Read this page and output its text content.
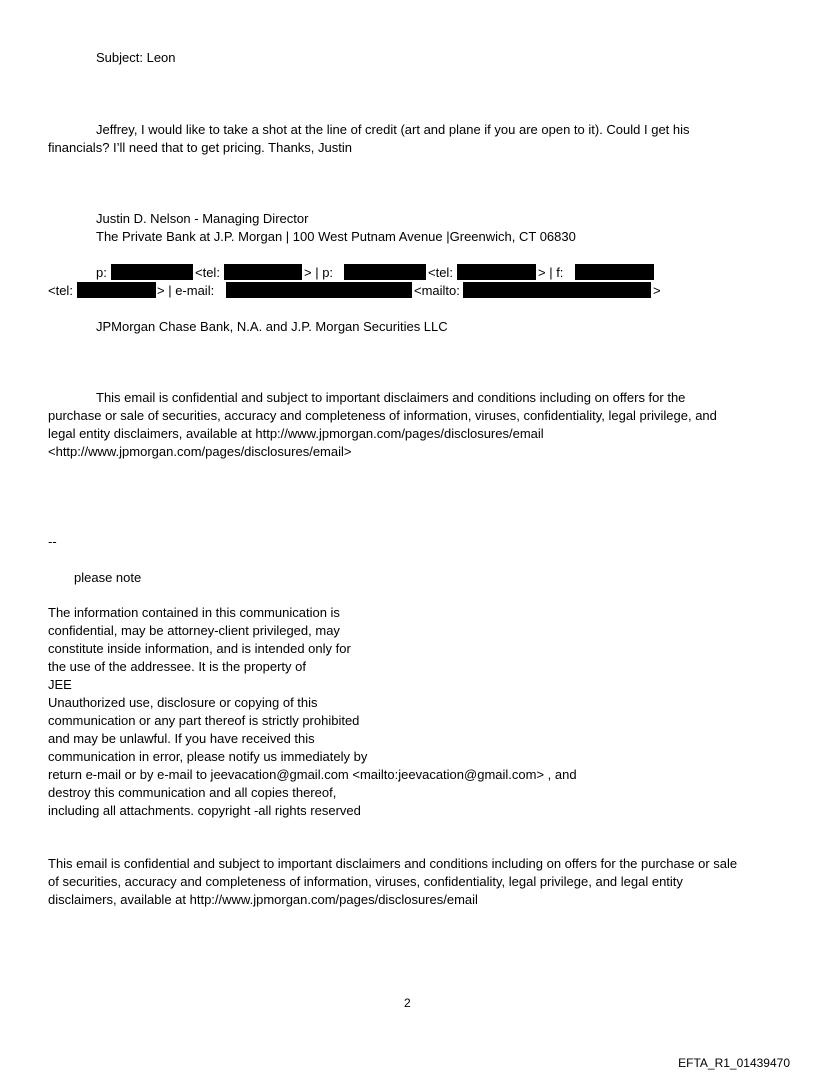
Subject: Leon
Jeffrey, I would like to take a shot at the line of credit (art and plane if you are open to it). Could I get his
financials? I’ll need that to get pricing. Thanks, Justin
Justin D. Nelson - Managing Director
The Private Bank at J.P. Morgan | 100 West Putnam Avenue |Greenwich, CT 06830
p:	<tel:	> | p:	<tel:	> | f:
<tel:	> | e-mail:	<mailto:	>
JPMorgan Chase Bank, N.A. and J.P. Morgan Securities LLC
This email is confidential and subject to important disclaimers and conditions including on offers for the
purchase or sale of securities, accuracy and completeness of information, viruses, confidentiality, legal privilege, and
legal entity disclaimers, available at http://www.jpmorgan.com/pages/disclosures/email
<http://www.jpmorgan.com/pages/disclosures/email>
--
please note
The information contained in this communication is
confidential, may be attorney-client privileged, may
constitute inside information, and is intended only for
the use of the addressee. It is the property of
JEE
Unauthorized use, disclosure or copying of this
communication or any part thereof is strictly prohibited
and may be unlawful. If you have received this
communication in error, please notify us immediately by
return e-mail or by e-mail to jeevacation@gmail.com <mailto:jeevacation@gmail.com> , and
destroy this communication and all copies thereof,
including all attachments. copyright -all rights reserved
This email is confidential and subject to important disclaimers and conditions including on offers for the purchase or sale
of securities, accuracy and completeness of information, viruses, confidentiality, legal privilege, and legal entity
disclaimers, available at http://www.jpmorgan.com/pages/disclosures/email
2
EFTA_R1_01439470
